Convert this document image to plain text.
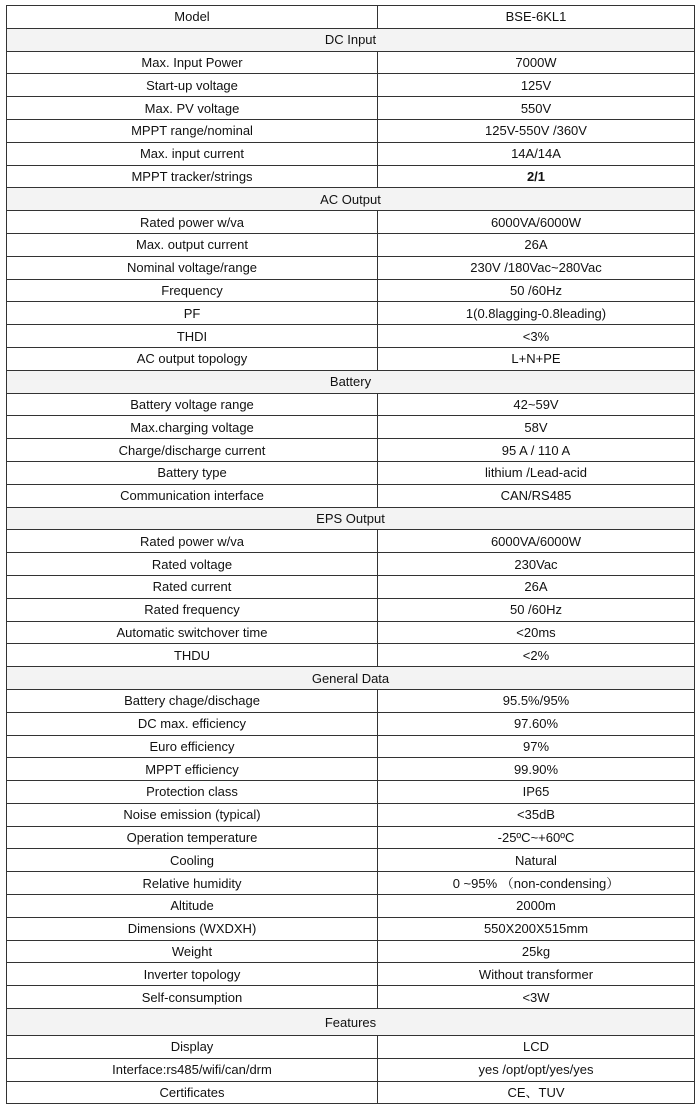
Model	BSE-6KL1
DC Input	
Max. Input Power	7000W
Start-up voltage	125V
Max. PV voltage	550V
MPPT range/nominal	125V-550V /360V
Max. input current	14A/14A
MPPT tracker/strings	2/1
AC Output	
Rated power w/va	6000VA/6000W
Max. output current	26A
Nominal voltage/range	230V /180Vac~280Vac
Frequency	50 /60Hz
PF	1(0.8lagging-0.8leading)
THDI	<3%
AC output topology	L+N+PE
Battery	
Battery voltage range	42~59V
Max.charging voltage	58V
Charge/discharge current	95 A / 110 A
Battery type	lithium /Lead-acid
Communication interface	CAN/RS485
EPS Output	
Rated power w/va	6000VA/6000W
Rated voltage	230Vac
Rated current	26A
Rated frequency	50 /60Hz
Automatic switchover time	<20ms
THDU	<2%
General Data	
Battery chage/dischage	95.5%/95%
DC max. efficiency	97.60%
Euro efficiency	97%
MPPT efficiency	99.90%
Protection class	IP65
Noise emission (typical)	<35dB
Operation temperature	-25ºC~+60ºC
Cooling	Natural
Relative humidity	0 ~95% （non-condensing）
Altitude	2000m
Dimensions (WXDXH)	550X200X515mm
Weight	25kg
Inverter topology	Without transformer
Self-consumption	<3W
Features	
Display	LCD
Interface:rs485/wifi/can/drm	yes /opt/opt/yes/yes
Certificates	CE、TUV
